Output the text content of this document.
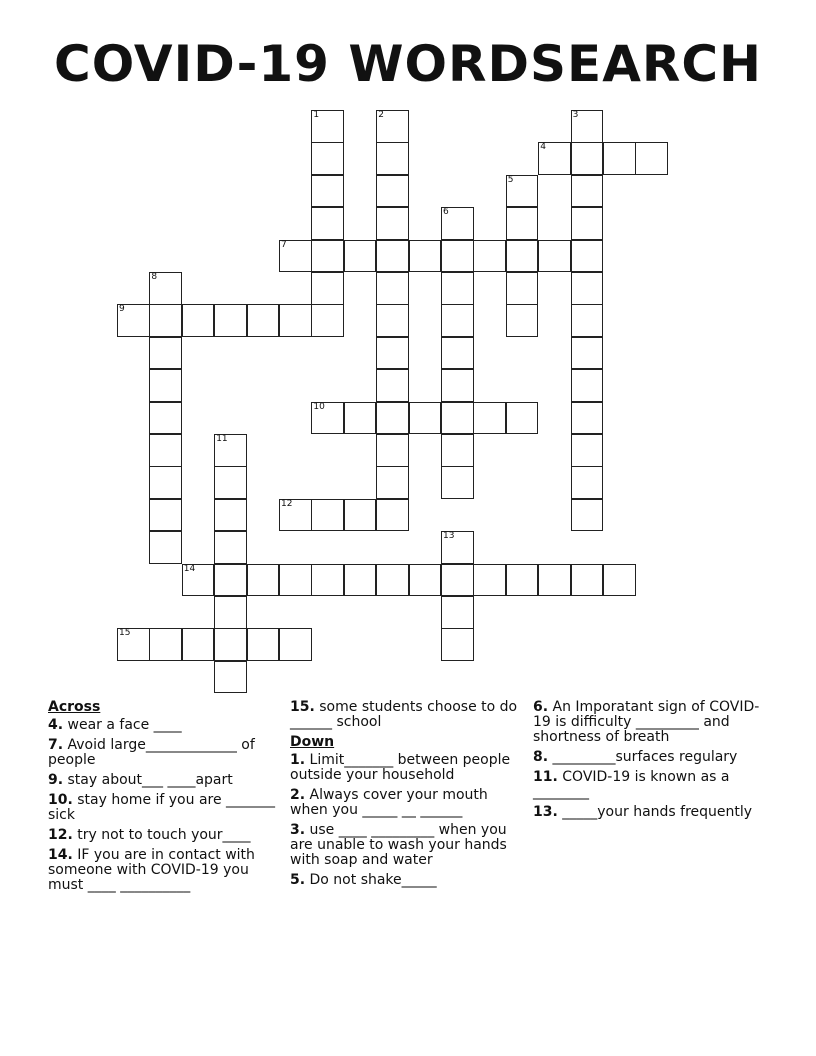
COVID-19 WORDSEARCH
1	2	3
4
5
6
7
8
9
10
11
12
13
14
15
Across
4. wear a face ____
7. Avoid large_____________ of people
9. stay about___ ____apart
10. stay home if you are _______ sick
12. try not to touch your____
14. IF you are in contact with someone with COVID-19 you must ____ __________
15. some students choose to do ______ school
Down
1. Limit_______ between people outside your household
2. Always cover your mouth when you _____ __ ______
3. use ____ _________ when you are unable to wash your hands with soap and water
5. Do not shake_____
6. An Imporatant sign of COVID-19 is difficulty _________ and shortness of breath
8. _________surfaces regulary
11. COVID-19 is known as a ________
13. _____your hands frequently
